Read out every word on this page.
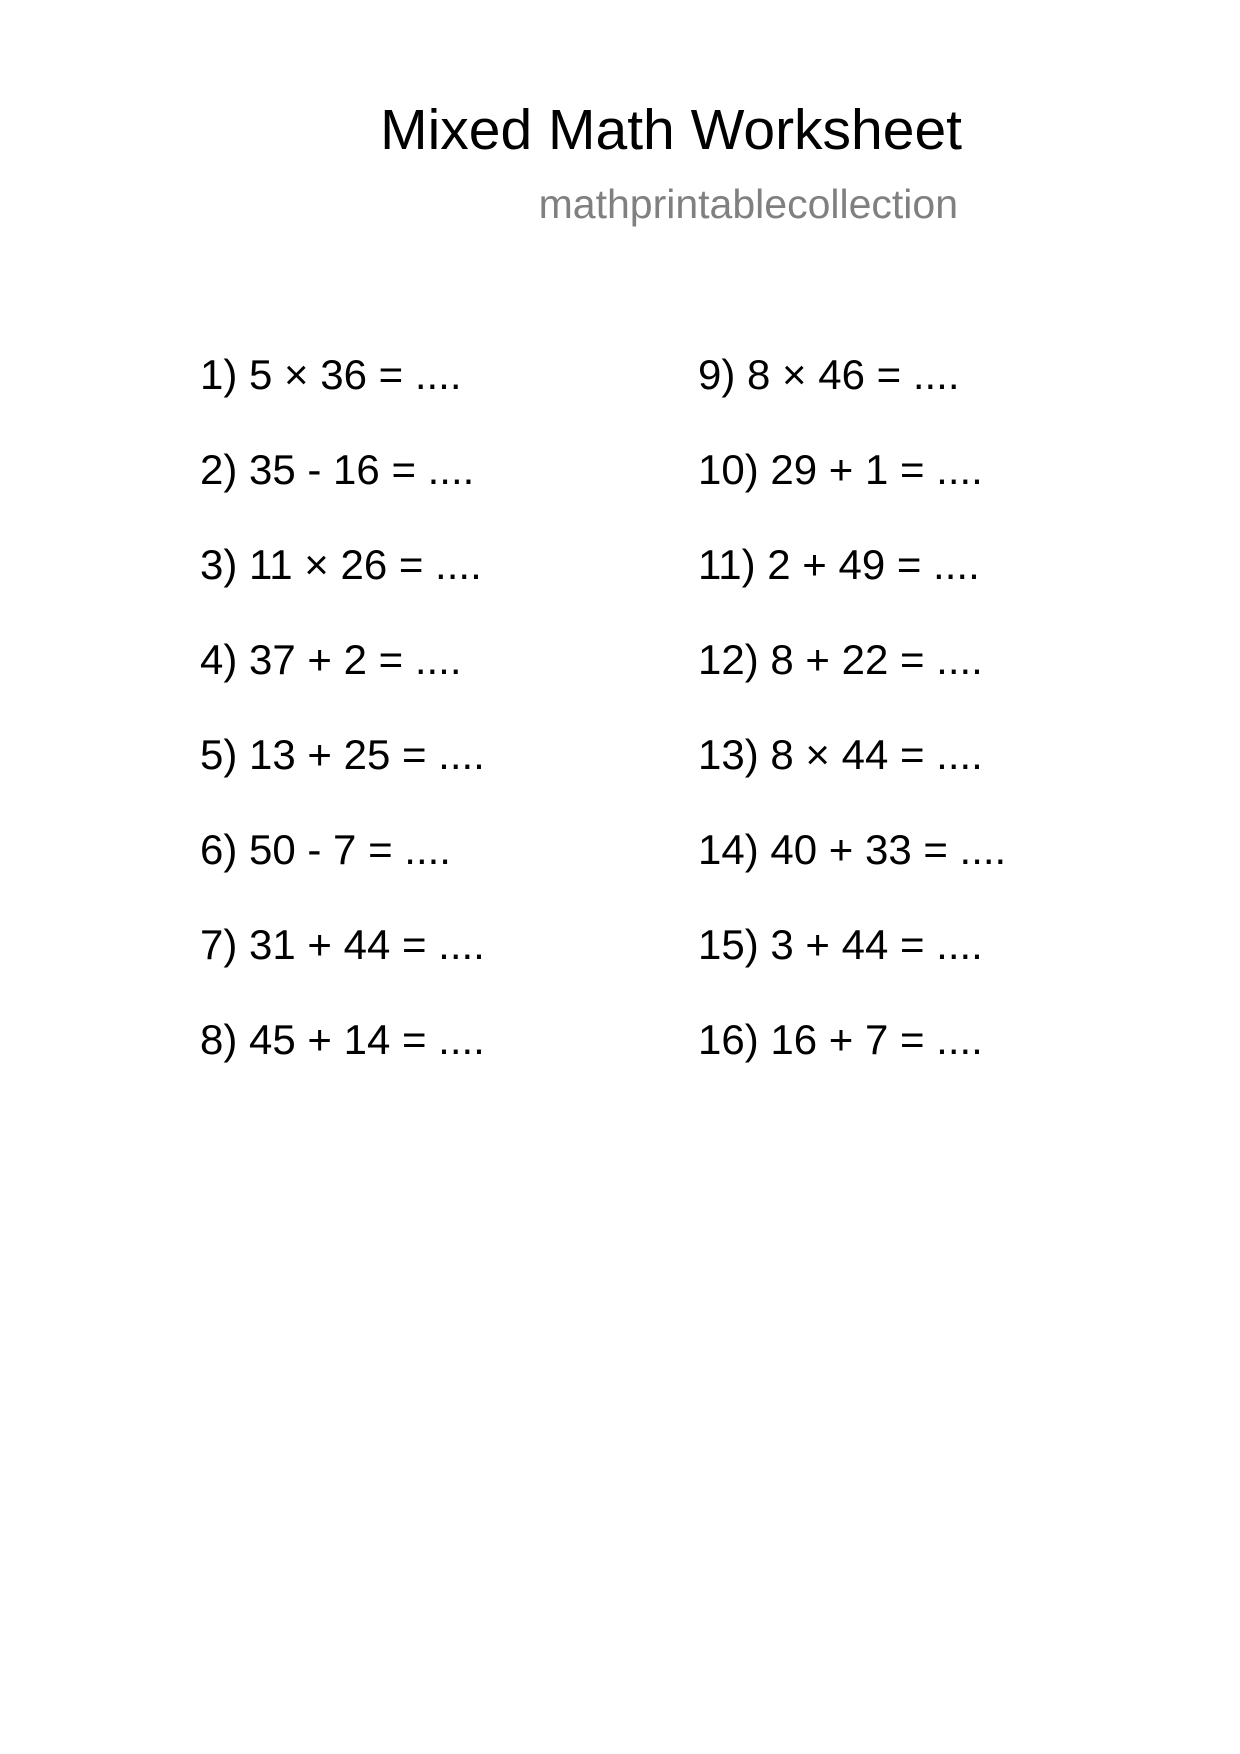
Mixed Math Worksheet
mathprintablecollection
1) 5 × 36 = ....
2) 35 - 16 = ....
3) 11 × 26 = ....
4) 37 + 2 = ....
5) 13 + 25 = ....
6) 50 - 7 = ....
7) 31 + 44 = ....
8) 45 + 14 = ....
9) 8 × 46 = ....
10) 29 + 1 = ....
11) 2 + 49 = ....
12) 8 + 22 = ....
13) 8 × 44 = ....
14) 40 + 33 = ....
15) 3 + 44 = ....
16) 16 + 7 = ....
